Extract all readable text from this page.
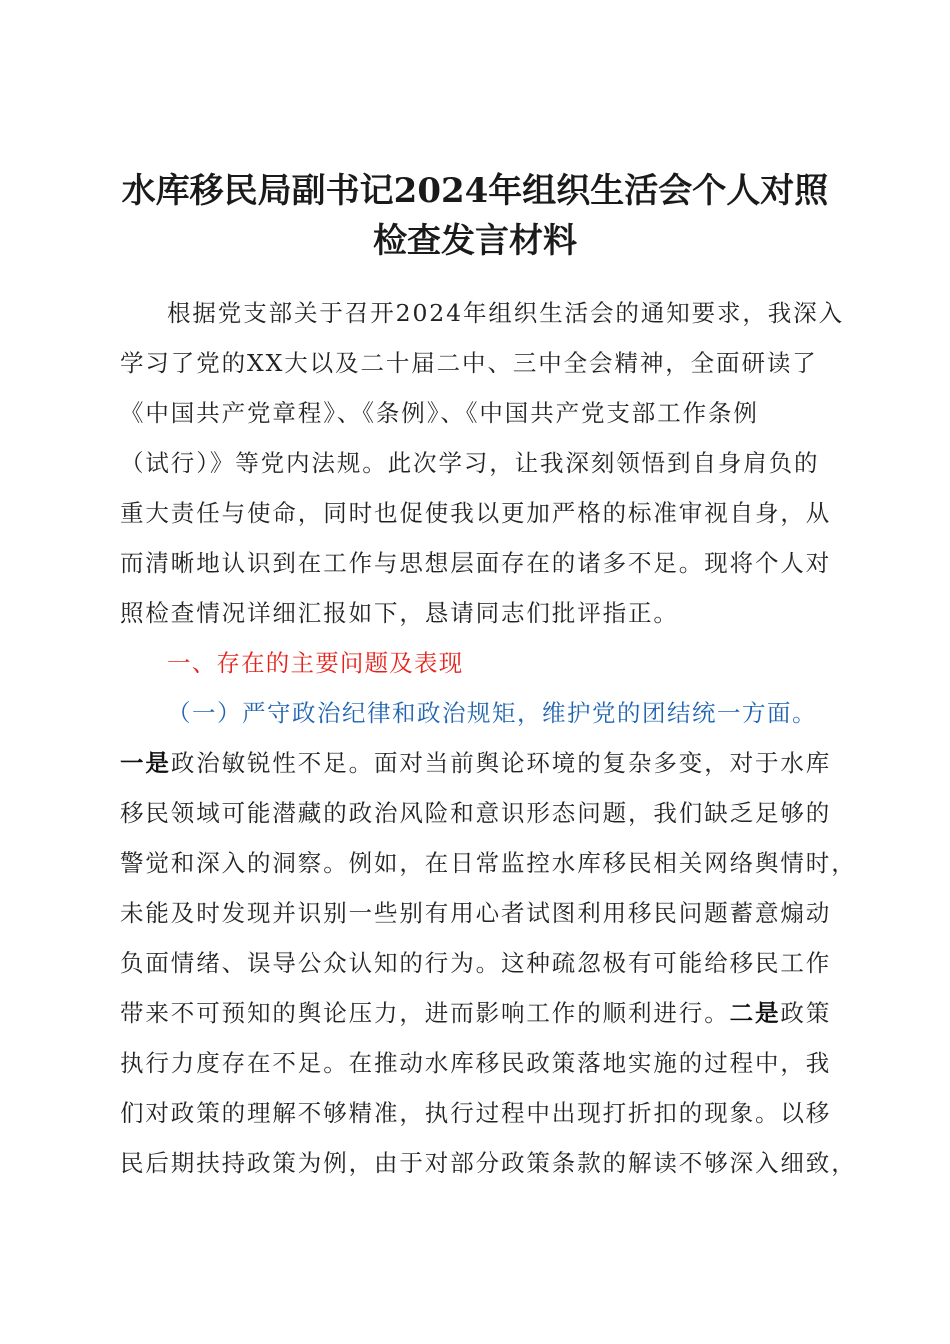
水库移民局副书记2024年组织生活会个人对照
检查发言材料
根据党支部关于召开2024年组织生活会的通知要求，我深入
学习了党的XX大以及二十届二中、三中全会精神，全面研读了
《中国共产党章程》、《条例》、《中国共产党支部工作条例
（试行）》等党内法规。此次学习，让我深刻领悟到自身肩负的
重大责任与使命，同时也促使我以更加严格的标准审视自身，从
而清晰地认识到在工作与思想层面存在的诸多不足。现将个人对
照检查情况详细汇报如下，恳请同志们批评指正。
一、存在的主要问题及表现
（一）严守政治纪律和政治规矩，维护党的团结统一方面。
一是政治敏锐性不足。面对当前舆论环境的复杂多变，对于水库
移民领域可能潜藏的政治风险和意识形态问题，我们缺乏足够的
警觉和深入的洞察。例如，在日常监控水库移民相关网络舆情时，
未能及时发现并识别一些别有用心者试图利用移民问题蓄意煽动
负面情绪、误导公众认知的行为。这种疏忽极有可能给移民工作
带来不可预知的舆论压力，进而影响工作的顺利进行。二是政策
执行力度存在不足。在推动水库移民政策落地实施的过程中，我
们对政策的理解不够精准，执行过程中出现打折扣的现象。以移
民后期扶持政策为例，由于对部分政策条款的解读不够深入细致，
